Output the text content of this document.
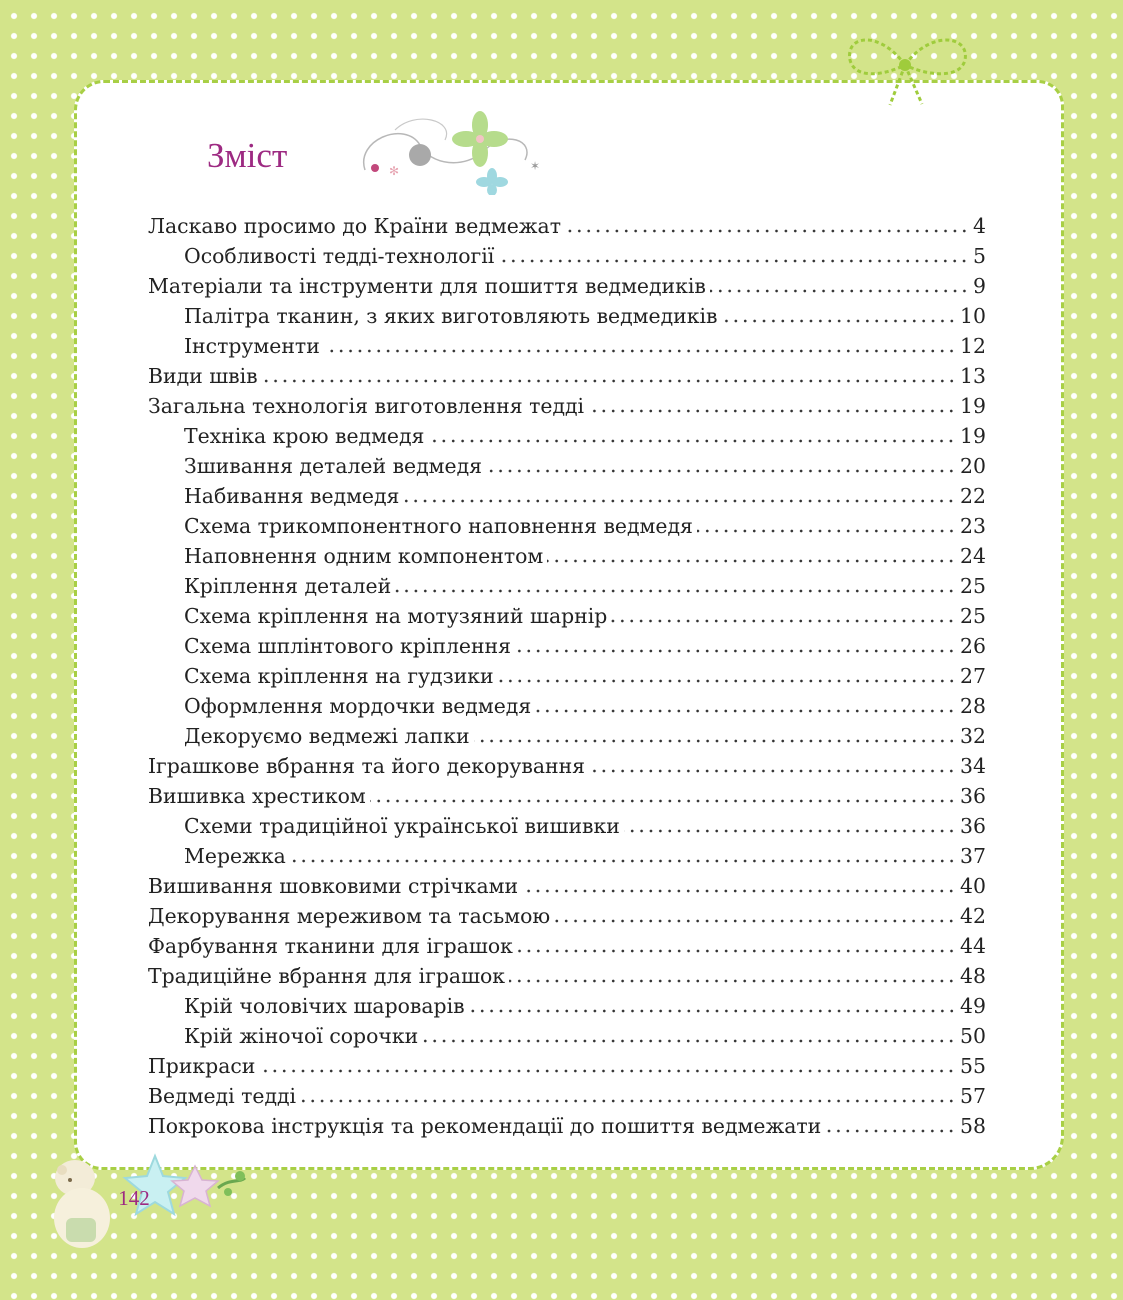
Зміст	✻	✶
Ласкаво просимо до Країни ведмежат	4
Особливості тедді-технології	5
Матеріали та інструменти для пошиття ведмедиків	9
Палітра тканин, з яких виготовляють ведмедиків	10
Інструменти	12
Види швів	13
Загальна технологія виготовлення тедді	19
Техніка крою ведмедя	19
Зшивання деталей ведмедя	20
Набивання ведмедя	22
Схема трикомпонентного наповнення ведмедя	23
Наповнення одним компонентом	24
Кріплення деталей	25
Схема кріплення на мотузяний шарнір	25
Схема шплінтового кріплення	26
Схема кріплення на гудзики	27
Оформлення мордочки ведмедя	28
Декоруємо ведмежі лапки	32
Іграшкове вбрання та його декорування	34
Вишивка хрестиком	36
Схеми традиційної української вишивки	36
Мережка	37
Вишивання шовковими стрічками	40
Декорування мереживом та тасьмою	42
Фарбування тканини для іграшок	44
Традиційне вбрання для іграшок	48
Крій чоловічих шароварів	49
Крій жіночої сорочки	50
Прикраси	55
Ведмеді тедді	57
Покрокова інструкція та рекомендації до пошиття ведмежати	58
142
